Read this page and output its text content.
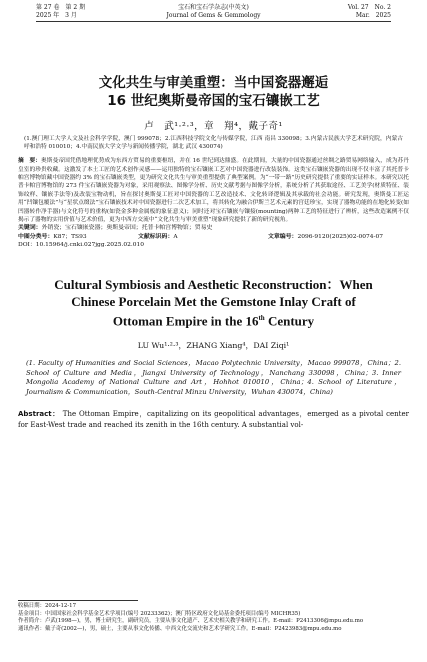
第 27 卷　第 2 期
2025 年　3 月
宝石和宝石学杂志(中英文)
Journal of Gems & Gemmology
Vol. 27　No. 2
Mar.　2025
文化共生与审美重塑：当中国瓷器邂逅
16 世纪奥斯曼帝国的宝石镶嵌工艺
卢　武¹·²·³，章　翔⁴，戴子奇¹
(1.澳门理工大学人文及社会科学学院，澳门 999078；2.江西科技学院文化与传媒学院，江西 南昌 330098；3.内蒙古民族大学艺术研究院，内蒙古 呼和浩特 010010；4.中南民族大学文学与新闻传播学院，湖北 武汉 430074)
摘　要：奥斯曼帝国凭借地理优势成为东西方贸易的重要枢纽，并在 16 世纪到达鼎盛。在此期间，大量的中国瓷器通过丝绸之路贸易网络输入，成为苏丹皇室的珍贵收藏。这激发了本土工匠的艺术创作灵感——运用独特的宝石镶嵌工艺对中国瓷器进行改装装饰。这类宝石镶嵌瓷器的出现不仅丰富了其托普卡帕宫博物馆藏中国瓷器约 3% 的宝石镶嵌类型，更为研究文化共生与审美重塑提供了典型案例。为“一带一路”历史研究提供了重要的实证样本。本研究以托普卡帕宫博物馆的 273 件宝石镶嵌瓷器为对象，采用观察法、图像学分析、历史文献考据与图像学分析，系统分析了其获取途径、工艺美学(材质特征、装饰纹样、镶嵌手法等)及改装宝物动机，旨在探讨奥斯曼工匠对中国瓷器的工艺改造技术、文化转译逻辑及其承载的社会功能。研究发现，奥斯曼工匠运用“凹镶包覆法”与“星状点缀法”宝石镶嵌技术对中国瓷器进行二次艺术加工，将其转化为融合伊斯兰艺术元素的宫廷珍宝，实现了器物功能的在地化转变(如凹器转作净手器)与文化符号的重构(如瓷金多种金属板的象征意义)；同时还对宝石镶嵌与镶接(mounting)两种工艺的特征进行了辨析，这些改造案例不仅揭示了器物的实用价值与艺术价值，更为中西方交流中“文化共生与审美重塑”现象研究提供了新的研究视角。
关键词：外销瓷；宝石镶嵌瓷器；奥斯曼帝国；托普卡帕宫博物馆；贸易史
中图分类号：K87；TS93	文献标识码：A	文章编号：2096-9120(2025)02-0074-07
DOI：10.15964/j.cnki.027jgg.2025.02.010
Cultural Symbiosis and Aesthetic Reconstruction：When
Chinese Porcelain Met the Gemstone Inlay Craft of
Ottoman Empire in the 16th Century
LU Wu¹·²·³，ZHANG Xiang⁴，DAI Ziqi¹
(1. Faculty of Humanities and Social Sciences，Macao Polytechnic University，Macao 999078，China；2. School of Culture and Media，Jiangxi University of Technology，Nanchang 330098，China；3. Inner Mongolia Academy of National Culture and Art，Hohhot 010010，China；4. School of Literature，Journalism & Communication，South-Central Minzu University，Wuhan 430074，China)
Abstract： The Ottoman Empire，capitalizing on its geopolitical advantages，emerged as a pivotal center for East-West trade and reached its zenith in the 16th century. A substantial vol-
收稿日期：2024-12-17
基金项目：中国国家社会科学基金艺术学项目(编号 20233362)；澳门特区政府文化局基金委托项目(编号 MICHR35)
作者简介：卢武(1998—)，男，博士研究生，副研究员，主要从事文化遗产、艺术史相关教学和研究工作。E-mail：P2413306@mpu.edu.mo
通讯作者：戴子奇(2002—)，男，硕士，主要从事文化传播、中西文化交流史和艺术学研究工作。E-mail：P2423983@mpu.edu.mo
